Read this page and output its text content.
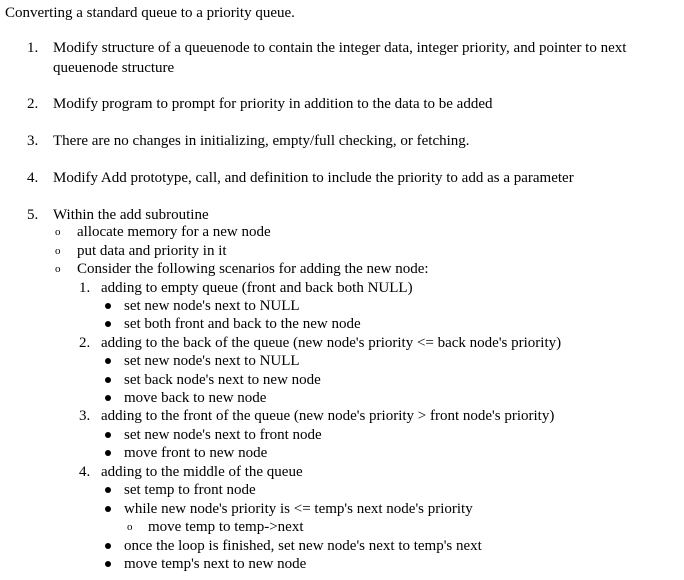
Converting a standard queue to a priority queue.
1. Modify structure of a queuenode to contain the integer data, integer priority, and pointer to next queuenode structure
2. Modify program to prompt for priority in addition to the data to be added
3. There are no changes in initializing, empty/full checking, or fetching.
4. Modify Add prototype, call, and definition to include the priority to add as a parameter
5. Within the add subroutine
o allocate memory for a new node
o put data and priority in it
o Consider the following scenarios for adding the new node:
1. adding to empty queue (front and back both NULL)
set new node's next to NULL
set both front and back to the new node
2. adding to the back of the queue (new node's priority <= back node's priority)
set new node's next to NULL
set back node's next to new node
move back to new node
3. adding to the front of the queue (new node's priority > front node's priority)
set new node's next to front node
move front to new node
4. adding to the middle of the queue
set temp to front node
while new node's priority is <= temp's next node's priority
o move temp to temp->next
once the loop is finished, set new node's next to temp's next
move temp's next to new node
